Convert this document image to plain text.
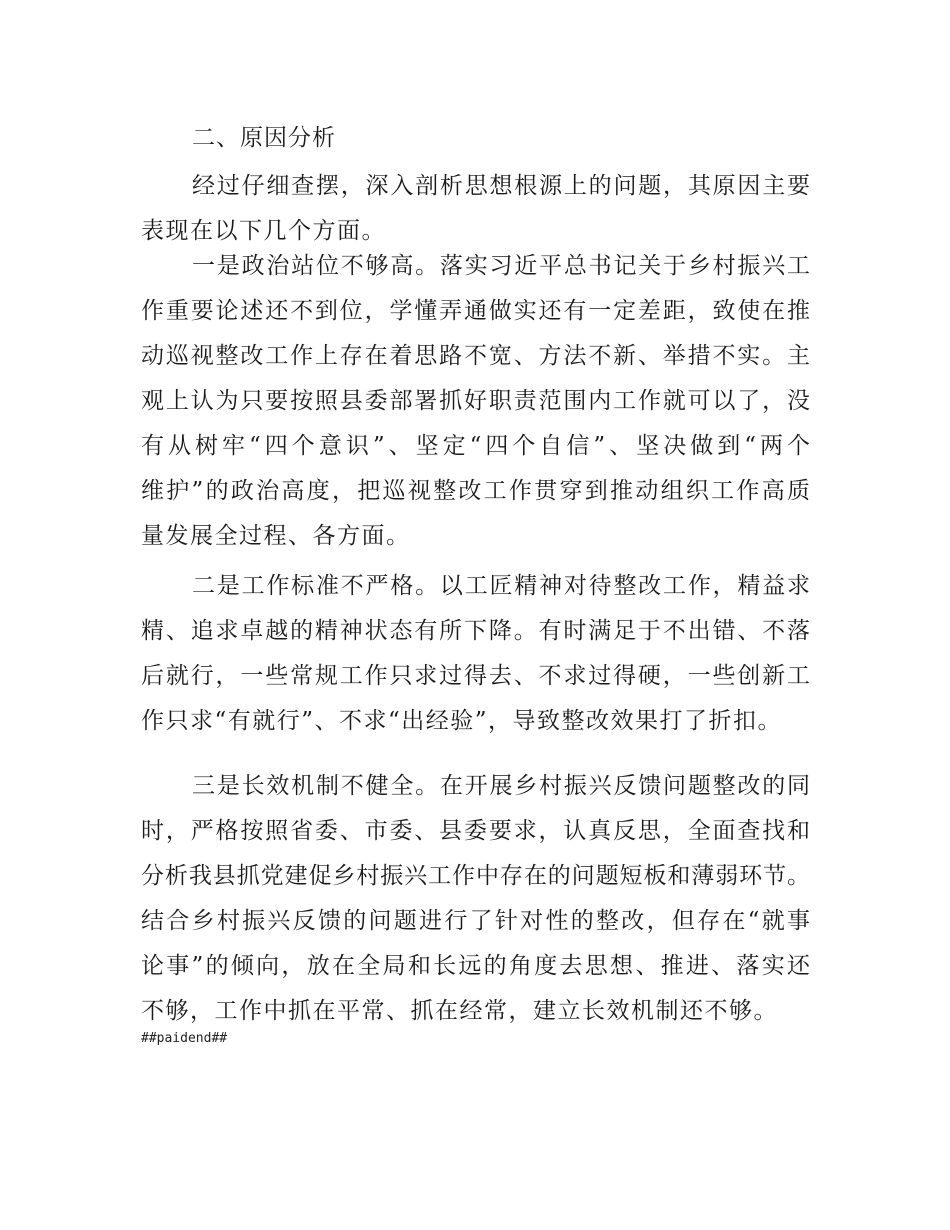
二、原因分析
经过仔细查摆，深入剖析思想根源上的问题，其原因主要
表现在以下几个方面。
一是政治站位不够高。落实习近平总书记关于乡村振兴工
作重要论述还不到位，学懂弄通做实还有一定差距，致使在推
动巡视整改工作上存在着思路不宽、方法不新、举措不实。主
观上认为只要按照县委部署抓好职责范围内工作就可以了，没
有从树牢“四个意识”、坚定“四个自信”、坚决做到“两个
维护”的政治高度，把巡视整改工作贯穿到推动组织工作高质
量发展全过程、各方面。
二是工作标准不严格。以工匠精神对待整改工作，精益求
精、追求卓越的精神状态有所下降。有时满足于不出错、不落
后就行，一些常规工作只求过得去、不求过得硬，一些创新工
作只求“有就行”、不求“出经验”，导致整改效果打了折扣。
三是长效机制不健全。在开展乡村振兴反馈问题整改的同
时，严格按照省委、市委、县委要求，认真反思，全面查找和
分析我县抓党建促乡村振兴工作中存在的问题短板和薄弱环节。
结合乡村振兴反馈的问题进行了针对性的整改，但存在“就事
论事”的倾向，放在全局和长远的角度去思想、推进、落实还
不够，工作中抓在平常、抓在经常，建立长效机制还不够。
##paidend##
